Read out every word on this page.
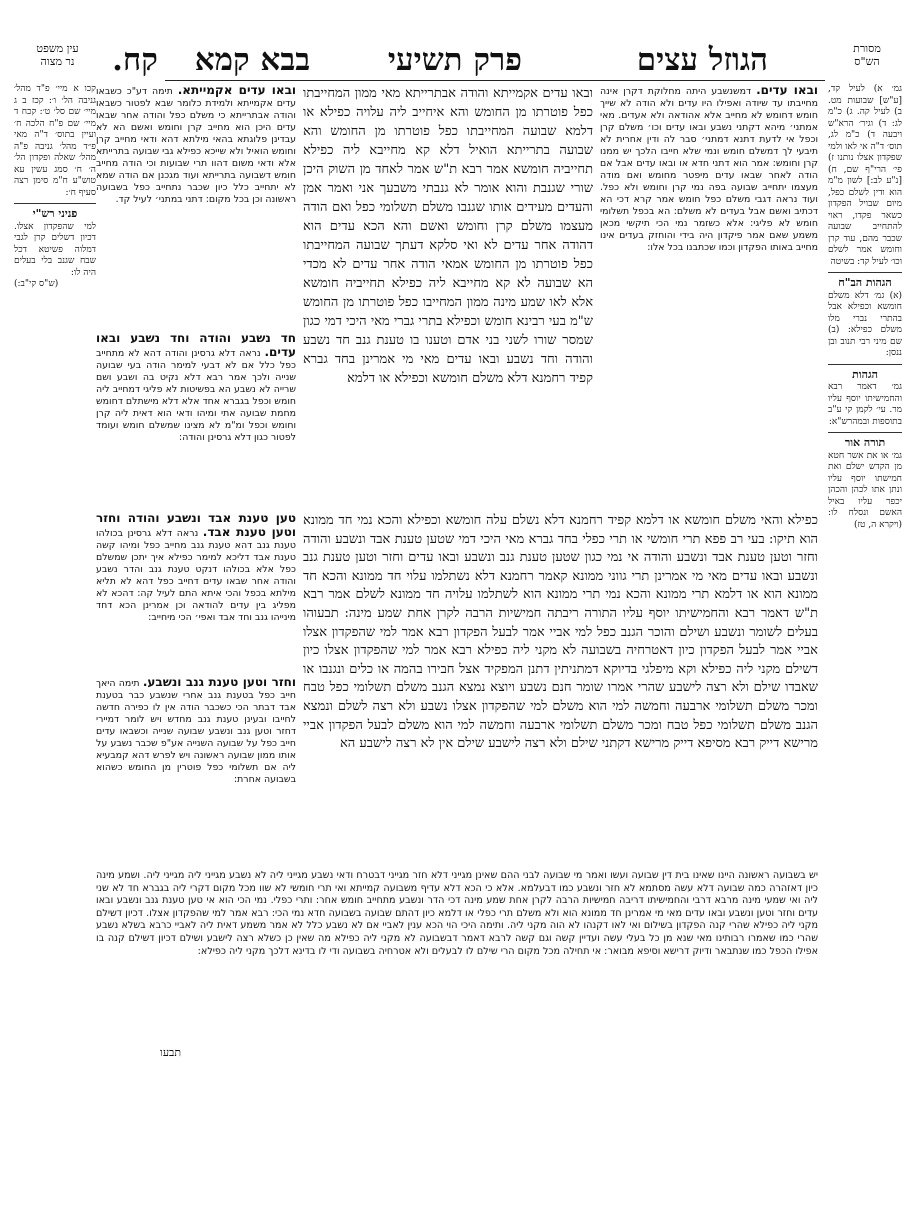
מסורת
הש"ס
הגוזל עצים
פרק תשיעי
בבא קמא
קח.
עין משפט
נר מצוה

גמ׳ א) לעיל קד, [ע"ש] שבועות מט. ב) לעיל קה. ג) כ"מ לג: ד) וגיר׳ הרא"ש ויבעה ד) כ"מ לג, תוס׳ ד"ה אי לאו ולמי שפקדון אצלו נותנו ז) פי׳ הרי"ף שם, ח) [נ"ע לב:] לשון מ"מ הוא ודין לשלם כפל, מיום שבויל הפקדון כשאר פקדו, ראוי להתחייב שבועה שכבר מהם, עוד קרן וחומש אמר לשלם וכו׳ לעיל קד: בשיטה

הגהות הב"ח

(א) גמ׳ דלא משלם חומשא וכפילא אבל בהתרי נברי מלו משלם כפילא: (ב) שם מיני רבי תנוב ובן ננסן:

הגהות

גמ׳ דאמר רבא והחמישיתו יוסף עליו מר. עי׳ לקמן קי ע"ב בתוספות ובמהרש"א:

תורה אור

גמ׳ או את אשר חטא מן הקדש ישלם ואת חמישתו יוסף עליו ונתן אתו לכהן והכהן יכפר עליו באיל האשם ונסלח לו: (ויקרא ה, טז)

קכו א מיי׳ פ"ד מהל׳ גניבה הל׳ ו׳: קכז ב ג מיי׳ שם סל׳ ט׳: קכח ד מיי׳ שם פ"ח הלכה ח׳ ועיין בתוס׳ ד"ה מאי פ״ד מהל׳ גניבה פ"ה מהל׳ שאלה ופקדון הל׳ ה׳ ח׳ סמג עשין עא טוש"ע ח"מ סימן רצה סעיף ח׳:

פניני רש"י

למי שהפקדון אצלו. דכיון דשלים קרן לגבי דמלוה פשיטא דכל שבח שגנב בלי בעלים היה לו:

(ש"ס קי"ב:)

ובאו עדים. דמשנשבע היתה מחלוקת דקרן אינה מחייבתו עד שיודה ואפילו היו עדים ולא הודה לא שייך חומש דחומש לא מחייב אלא אהודאה ולא אעדים. מאי אמתני׳ מיהא דקתני נשבע ובאו עדים וכו׳ משלם קרן וכפל אי לדעת דתנא דמתני׳ סבר לה ודין אחרית לא תיבעי לך דמשלם חומש ונמי שלא חייבו הלכך יש ממנו קרן וחומש: אמר הוא דתני חדא או ובאו עדים אבל אם הודה לאחר שבאו עדים מיפטר מחומש ואם מודה מעצמו יתחייב שבועה בפה נמי קרן וחומש ולא כפל. ועוד נראה דגבי משלם כפל חומש אמר קרא דכי הא דכתיב ואשם אבל בעדים לא משלם: הא בכפל תשלומי חומש לא פליגי: אלא כשזמר נמי הכי תיקשי מכאן משמע שאם אמר פיקדון היה בידי והוחזק בעדים אינו מחייב באותו הפקדון וכמו שכתבנו בכל אלו:
ובאו עדים אקמייתא והודה אבתרייתא מאי ממון המחייבתו כפל פוטרתו מן החומש והא איחייב ליה עלויה כפילא או דלמא שבועה המחייבתו כפל פוטרתו מן החומש והא שבועה בתרייתא הואיל דלא קא מחייבא ליה כפילא תחייביה חומשא אמר רבא ת"ש אמר לאחד מן השוק היכן שורי שגנבת והוא אומר לא גנבתי משבעך אני ואמר אמן והעדים מעידים אותו שגנבו משלם תשלומי כפל ואם הודה מעצמו משלם קרן וחומש ואשם והא הכא עדים הוא דהודה אחר עדים לא ואי סלקא דעתך שבועה המחייבתו כפל פוטרתו מן החומש אמאי הודה אחר עדים לא מכדי הא שבועה לא קא מחייבא ליה כפילא תחייביה חומשא אלא לאו שמע מינה ממון המחייבו כפל פוטרתו מן החומש ש"מ בעי רבינא חומש וכפילא בתרי גברי מאי היכי דמי כגון שמסר שורו לשני בני אדם וטענו בו טענת גנב חד נשבע והודה וחד נשבע ובאו עדים מאי מי אמרינן בחד גברא קפיד רחמנא דלא משלם חומשא וכפילא או דלמא
ובאו עדים אקמייתא. תימה דע"כ כשבאו עדים אקמייתא ולמידת כלומר שבא לפטור כשבאו והודה אבתרייתא כי משלם כפל והודה אחר שבאו עדים היכן הוא מחייב קרן וחומש ואשם הא לא עבדינן פלוגתא בהאי מילתא דהא ודאי מחייב קרן וחומש הואיל ולא שייכא כפילא גבי שבועה בתרייתא אלא ודאי משום דהוו תרי שבועות וכי הודה מחייב חומש דשבועה בתרייתא ועוד מגכנן אם הודה שמא לא יתחייב כלל כיון שכבר נתחייב כפל בשבועה ראשונה וכן בכל מקום: דתני במתני׳ לעיל קד.
חד נשבע והודה וחד נשבע ובאו עדים. נראה דלא גרסינן והודה דהא לא מתחייב כפל כלל אם לא דבעי למימר הודה בעי שבועה שנייה ולכך אמר רבא דלא נקיט בה ושבע ושם שרייה לא נשבע הא בפשיטות לא פליגי דמחייב ליה חומש וכפל בגברא אחד אלא דלא מישתלם דחומש מחמת שבועה אתי ומיהו ודאי הוא דאית ליה קרן וחומש וכפל ומ"מ לא מצינו שמשלם חומש ועומד לפטור כגון דלא גרסינן והודה:
טען טענת אבד ונשבע והודה וחזר וטען טענת אבד. נראה דלא גרסינן בכולהו טענת גנב דהא טענת גנב מחייב כפל ומיהו קשה טענת אבד דליכא למימר כפילא איך יתכן שמשלם כפל אלא בכולהו דנקט טענת גנב והדר נשבע והודה אחר שבאו עדים דחייב כפל דהא לא תליא מילתא בכפל והכי איתא התם לעיל קה: דהכא לא מפליג בין עדים להודאה וכן אמרינן הכא דחד מינייהו גנב וחד אבד ואפי׳ הכי מיחייב:
וחזר וטען טענת גנב ונשבע. תימה היאך חייב כפל בטענת גנב אחרי שנשבע כבר בטענת אבד דבתר הכי כשכבר הודה אין לו כפירה חדשה לחייבו ובעינן טענת גנב מחדש ויש לומר דמיירי דחזר וטען גנב ונשבע שבועה שנייה וכשבאו עדים חייב כפל על שבועה השנייה אע"פ שכבר נשבע על אותו ממון שבועה ראשונה ויש לפרש דהא קמבעיא ליה אם תשלומי כפל פוטרין מן החומש כשהוא בשבועה אחרת:
כפילא והאי משלם חומשא או דלמא קפיד רחמנא דלא נשלם עלה חומשא וכפילא והכא נמי חד ממונא הוא תיקו: בעי רב פפא תרי חומשי או תרי כפלי בחד גברא מאי היכי דמי שטען טענת אבד ונשבע והודה וחזר וטען טענת אבד ונשבע והודה אי נמי כגון שטען טענת גנב ונשבע ובאו עדים וחזר וטען טענת גנב ונשבע ובאו עדים מאי מי אמרינן תרי גווני ממונא קאמר רחמנא דלא נשתלמו עלוי חד ממונא והכא חד ממונא הוא או דלמא תרי ממונא והכא נמי תרי ממונא הוא לשתלמו עלויה חד ממונא לשלם אמר רבא ת"ש דאמר רבא והחמישיתו יוסף עליו התורה ריבתה חמישיות הרבה לקרן אחת שמע מינה: תבעוהו בעלים לשומר ונשבע ושילם והוכר הגנב כפל למי אביי אמר לבעל הפקדון רבא אמר למי שהפקדון אצלו אביי אמר לבעל הפקדון כיון דאטרחיה בשבועה לא מקני ליה כפילא רבא אמר למי שהפקדון אצלו כיון דשילם מקני ליה כפילא וקא מיפלגי בדיוקא דמתניתין דתנן המפקיד אצל חבירו בהמה או כלים ונגנבו או שאבדו שילם ולא רצה לישבע שהרי אמרו שומר חנם נשבע ויוצא נמצא הגנב משלם תשלומי כפל טבח ומכר משלם תשלומי ארבעה וחמשה למי הוא משלם למי שהפקדון אצלו נשבע ולא רצה לשלם ונמצא הגנב משלם תשלומי כפל טבח ומכר משלם תשלומי ארבעה וחמשה למי הוא משלם לבעל הפקדון אביי מרישא דייק רבא מסיפא דייק מרישא דקתני שילם ולא רצה לישבע שילם אין לא רצה לישבע הא
יש בשבועה ראשונה היינו שאינו בית דין שבועה ועשו ואמר מי שבועה לבני ההם שאינן מגייני דלא חזר מגייני דבטרח ודאי נשבע מגייני ליה לא נשבע מגייני ליה מגייני ליה. ושמע מינה כיון דאזהרה כמה שבועה דלא עשה מסתמא לא חזר ונשבע כמו דבעלמא. אלא כי הכא דלא עדיף משבועה קמייתא ואי תרי חומשי לא שוו מכל מקום דקרי ליה בגברא חד לא שני ליה ואי שמעי מינה מרבא דרבי והחמישיתו דריבה חמישיות הרבה לקרן אחת שמע מינה דכי הדר ונשבע מתחייב חומש אחר: ותרי כפלי. נמי הכי הוא אי טען טענת גנב ונשבע ובאו עדים וחזר וטען ונשבע ובאו עדים מאי מי אמרינן חד ממונא הוא ולא משלם תרי כפלי או דלמא כיון דהתם שבועה בשבועה חדא נמי הכי: רבא אמר למי שהפקדון אצלו. דכיון דשילם מקני ליה כפילא שהרי קנה הפקדון בשילום ואי לאו דקנהו לא הוה מקני ליה. ותימה היכי הוי הכא ענין לאביי אם לא נשבע כלל לא אמר משמע דאית ליה לאביי כרבא בשלא נשבע שהרי כמו שאמרו רבותינו מאי שנא מן כל בעלי עשה ועדיין קשה וגם קשה לרבא דאמר דבשבועה לא מקני ליה כפילא מה שאין כן כשלא רצה לישבע ושילם דכיון דשילם קנה בו אפילו הכפל כמו שנתבאר ודיוק דרישא וסיפא מבואר: אי תחילה מכל מקום הרי שילם לו לבעלים ולא אטרחיה בשבועה ודי לו בדינא דלכך מקני ליה כפילא:
תבעו
